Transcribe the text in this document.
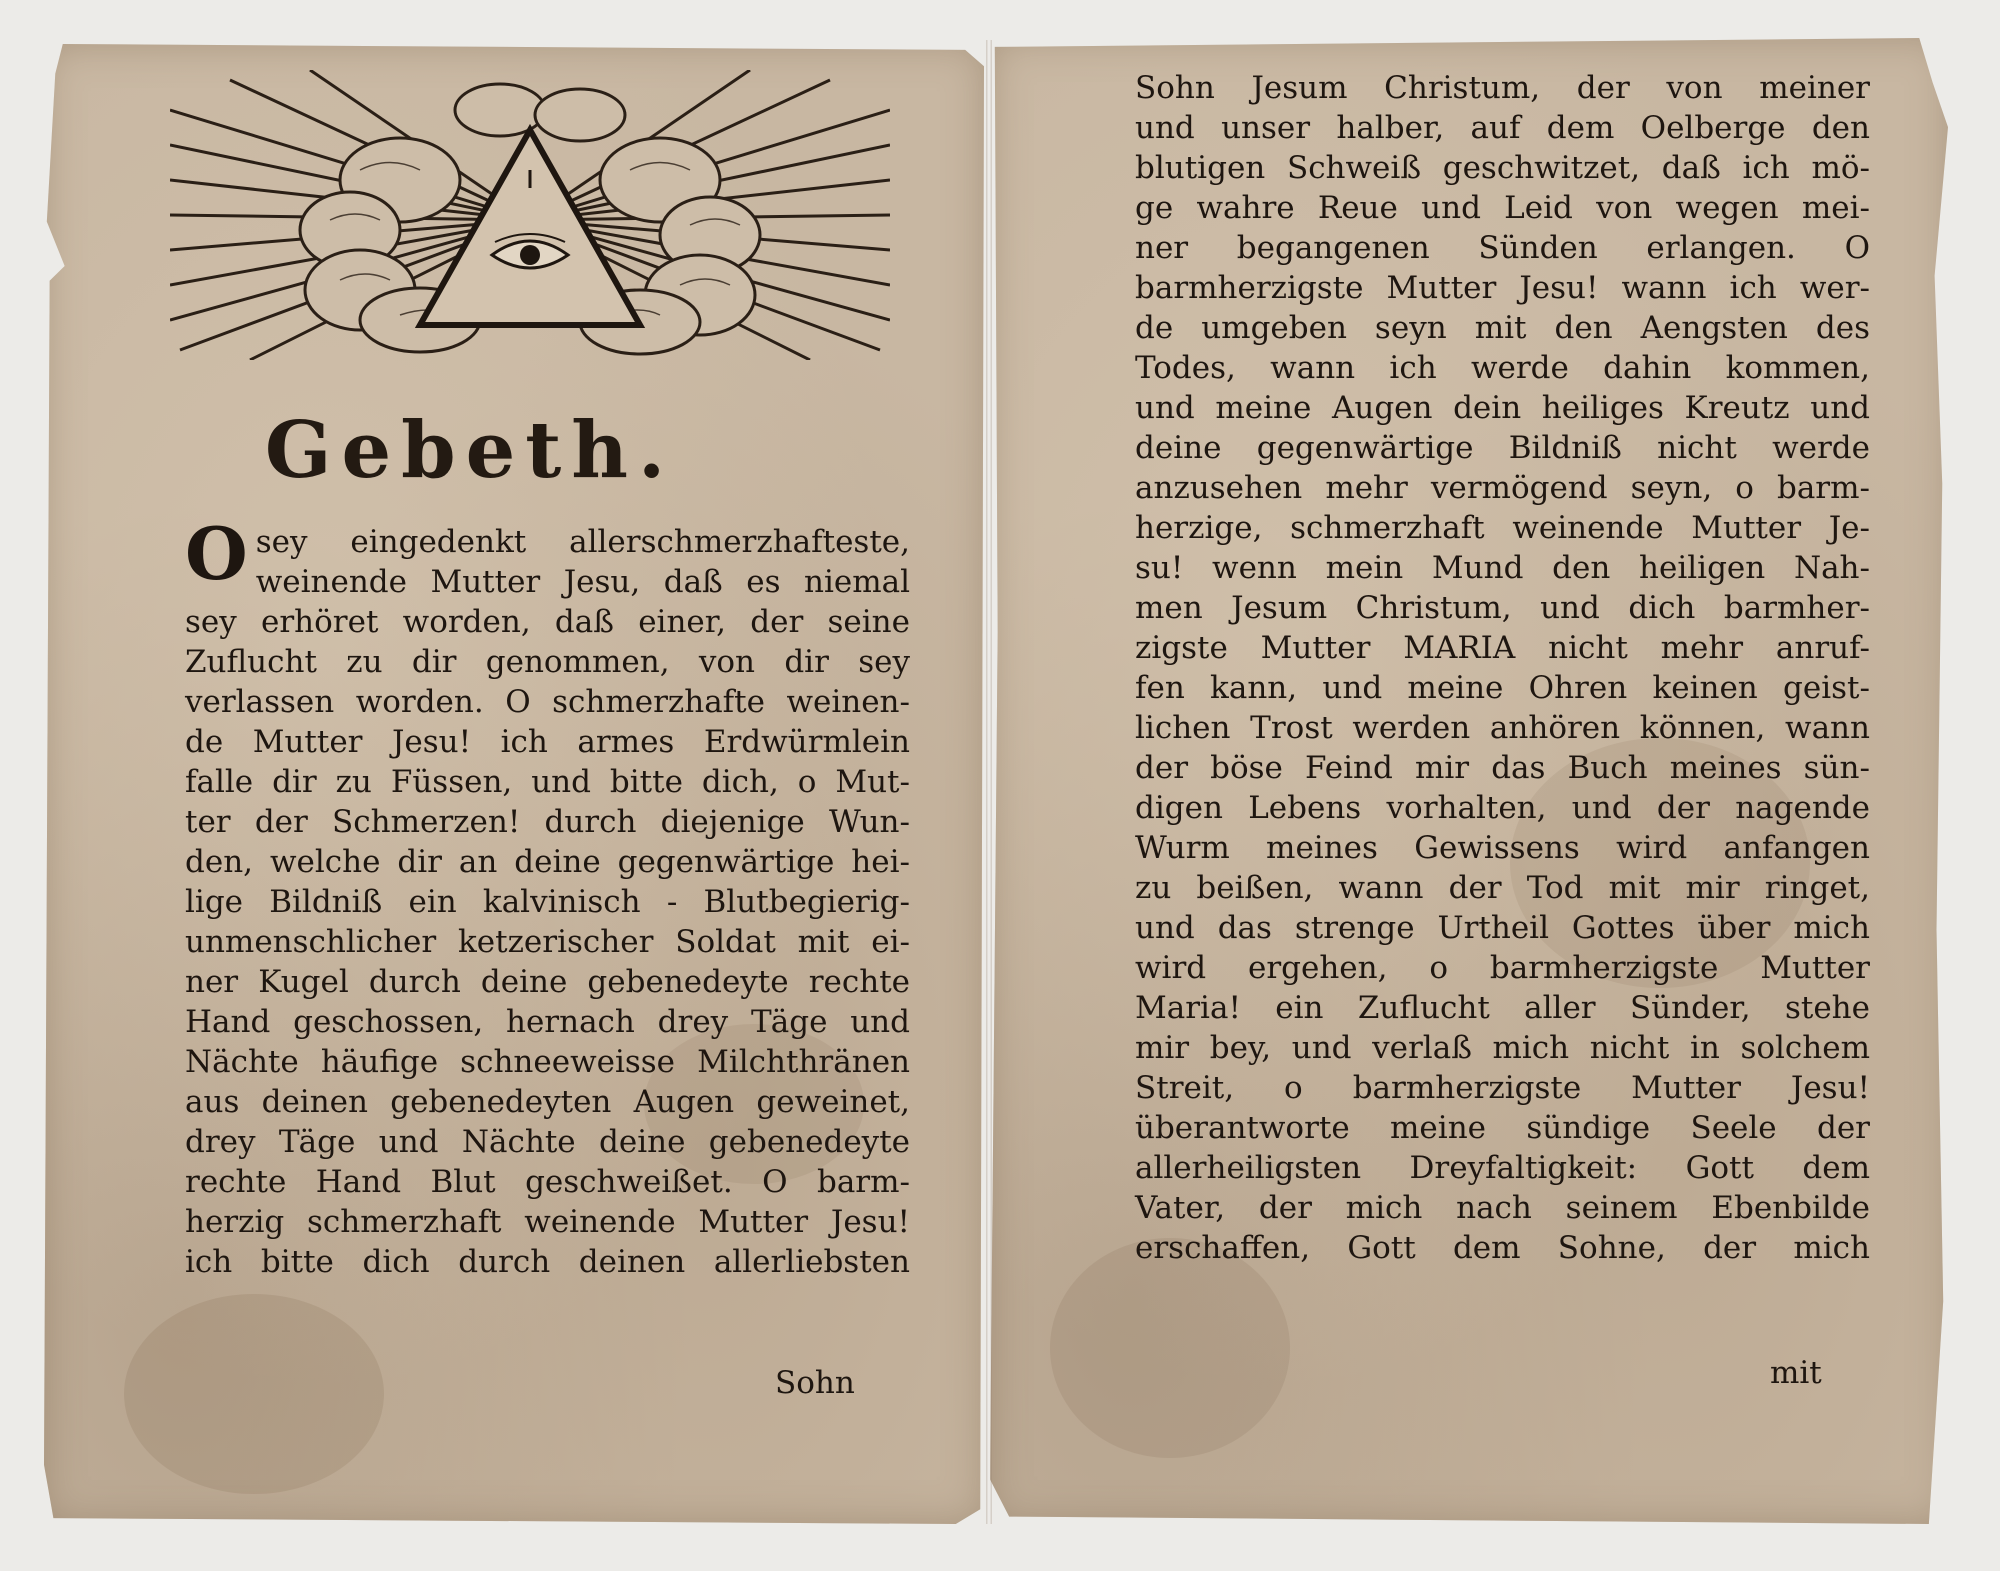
Gebeth.
O sey eingedenkt allerschmerzhafteste,
weinende Mutter Jesu, daß es niemal
sey erhöret worden, daß einer, der seine
Zuflucht zu dir genommen, von dir sey
verlassen worden. O schmerzhafte weinen-
de Mutter Jesu! ich armes Erdwürmlein
falle dir zu Füssen, und bitte dich, o Mut-
ter der Schmerzen! durch diejenige Wun-
den, welche dir an deine gegenwärtige hei-
lige Bildniß ein kalvinisch - Blutbegierig-
unmenschlicher ketzerischer Soldat mit ei-
ner Kugel durch deine gebenedeyte rechte
Hand geschossen, hernach drey Täge und
Nächte häufige schneeweisse Milchthränen
aus deinen gebenedeyten Augen geweinet,
drey Täge und Nächte deine gebenedeyte
rechte Hand Blut geschweißet. O barm-
herzig schmerzhaft weinende Mutter Jesu!
ich bitte dich durch deinen allerliebsten
Sohn
Sohn Jesum Christum, der von meiner
und unser halber, auf dem Oelberge den
blutigen Schweiß geschwitzet, daß ich mö-
ge wahre Reue und Leid von wegen mei-
ner begangenen Sünden erlangen. O
barmherzigste Mutter Jesu! wann ich wer-
de umgeben seyn mit den Aengsten des
Todes, wann ich werde dahin kommen,
und meine Augen dein heiliges Kreutz und
deine gegenwärtige Bildniß nicht werde
anzusehen mehr vermögend seyn, o barm-
herzige, schmerzhaft weinende Mutter Je-
su! wenn mein Mund den heiligen Nah-
men Jesum Christum, und dich barmher-
zigste Mutter MARIA nicht mehr anruf-
fen kann, und meine Ohren keinen geist-
lichen Trost werden anhören können, wann
der böse Feind mir das Buch meines sün-
digen Lebens vorhalten, und der nagende
Wurm meines Gewissens wird anfangen
zu beißen, wann der Tod mit mir ringet,
und das strenge Urtheil Gottes über mich
wird ergehen, o barmherzigste Mutter
Maria! ein Zuflucht aller Sünder, stehe
mir bey, und verlaß mich nicht in solchem
Streit, o barmherzigste Mutter Jesu!
überantworte meine sündige Seele der
allerheiligsten Dreyfaltigkeit: Gott dem
Vater, der mich nach seinem Ebenbilde
erschaffen, Gott dem Sohne, der mich
mit
